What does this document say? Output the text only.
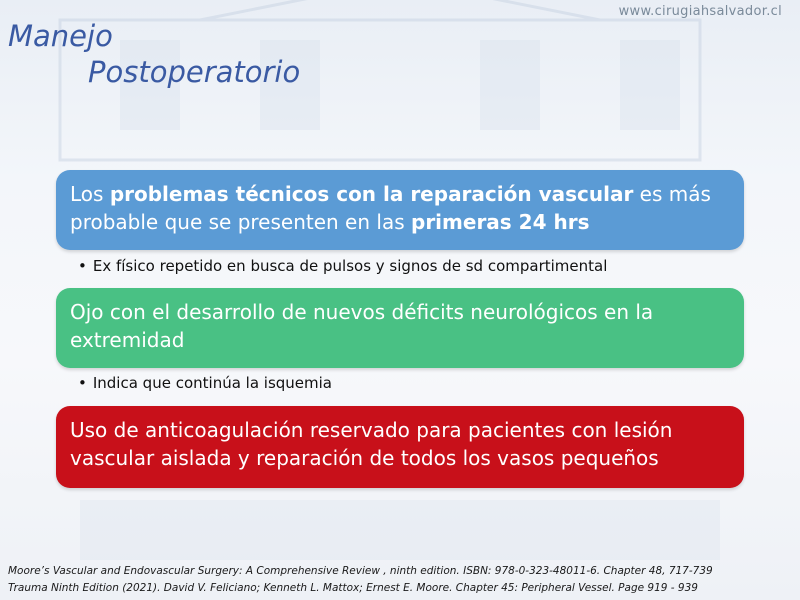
www.cirugiahsalvador.cl
Manejo
Postoperatorio
Los problemas técnicos con la reparación vascular es más probable que se presenten en las primeras 24 hrs
• Ex físico repetido en busca de pulsos y signos de sd compartimental
Ojo con el desarrollo de nuevos déficits neurológicos en la extremidad
• Indica que continúa la isquemia
Uso de anticoagulación reservado para pacientes con lesión vascular aislada y reparación de todos los vasos pequeños
Moore’s Vascular and Endovascular Surgery: A Comprehensive Review , ninth edition. ISBN: 978-0-323-48011-6. Chapter 48, 717-739
Trauma Ninth Edition (2021). David V. Feliciano; Kenneth L. Mattox; Ernest E. Moore. Chapter 45: Peripheral Vessel. Page 919 - 939
